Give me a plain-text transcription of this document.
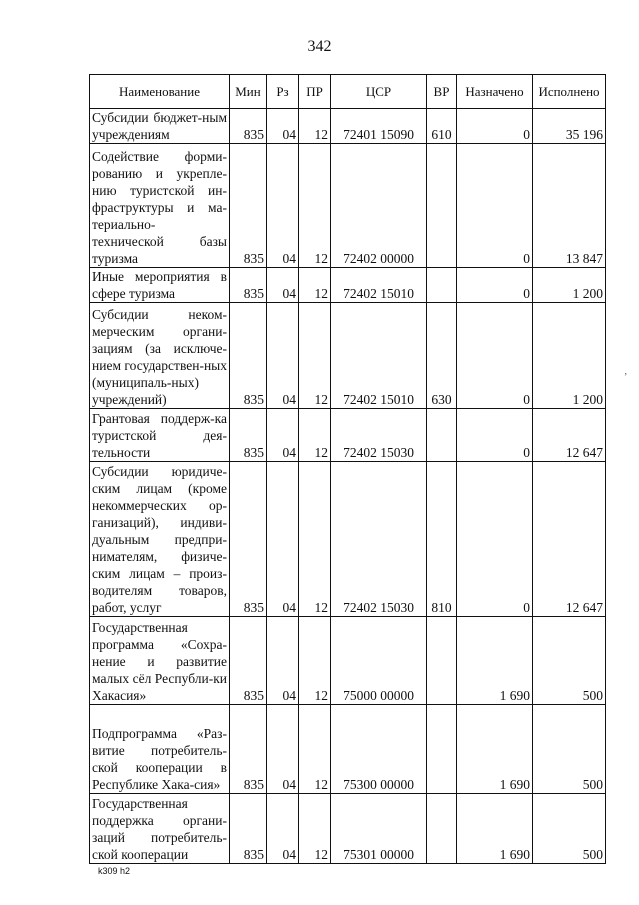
342
Наименование	Мин	Рз	ПР	ЦСР	ВР	Назначено	Исполнено
Субсидии бюджет-ным учреждениям	835	04	12	72401 15090	610	0	35 196
Содействие форми-рованию и укрепле-нию туристской ин-фраструктуры и ма-териально-технической базы туризма	835	04	12	72402 00000		0	13 847
Иные мероприятия в сфере туризма	835	04	12	72402 15010		0	1 200
Субсидии неком-мерческим органи-зациям (за исключе-нием государствен-ных (муниципаль-ных) учреждений)	835	04	12	72402 15010	630	0	1 200
Грантовая поддерж-ка туристской дея-тельности	835	04	12	72402 15030		0	12 647
Субсидии юридиче-ским лицам (кроме некоммерческих ор-ганизаций), индиви-дуальным предпри-нимателям, физиче-ским лицам – произ-водителям товаров, работ, услуг	835	04	12	72402 15030	810	0	12 647
Государственная программа «Сохра-нение и развитие малых сёл Республи-ки Хакасия»	835	04	12	75000 00000		1 690	500
Подпрограмма «Раз-витие потребитель-ской кооперации в Республике Хака-сия»	835	04	12	75300 00000		1 690	500
Государственная поддержка органи-заций потребитель-ской кооперации	835	04	12	75301 00000		1 690	500
’
k309 h2
